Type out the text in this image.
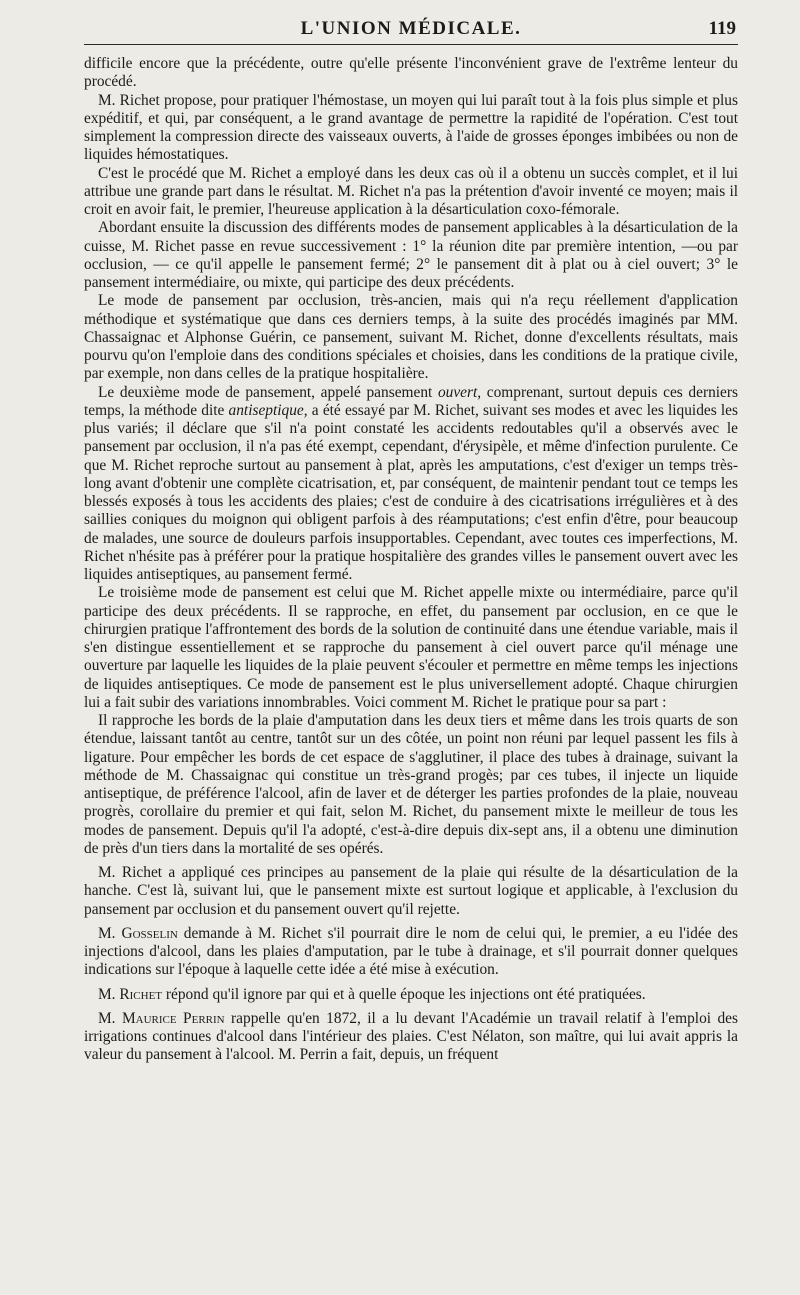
L'UNION MÉDICALE.	119

difficile encore que la précédente, outre qu'elle présente l'inconvénient grave de l'extrême lenteur du procédé.

M. Richet propose, pour pratiquer l'hémostase, un moyen qui lui paraît tout à la fois plus simple et plus expéditif, et qui, par conséquent, a le grand avantage de permettre la rapidité de l'opération. C'est tout simplement la compression directe des vaisseaux ouverts, à l'aide de grosses éponges imbibées ou non de liquides hémostatiques.

C'est le procédé que M. Richet a employé dans les deux cas où il a obtenu un succès complet, et il lui attribue une grande part dans le résultat. M. Richet n'a pas la prétention d'avoir inventé ce moyen; mais il croit en avoir fait, le premier, l'heureuse application à la désarticulation coxo-fémorale.

Abordant ensuite la discussion des différents modes de pansement applicables à la désarticulation de la cuisse, M. Richet passe en revue successivement : 1° la réunion dite par première intention, —ou par occlusion, — ce qu'il appelle le pansement fermé; 2° le pansement dit à plat ou à ciel ouvert; 3° le pansement intermédiaire, ou mixte, qui participe des deux précédents.

Le mode de pansement par occlusion, très-ancien, mais qui n'a reçu réellement d'application méthodique et systématique que dans ces derniers temps, à la suite des procédés imaginés par MM. Chassaignac et Alphonse Guérin, ce pansement, suivant M. Richet, donne d'excellents résultats, mais pourvu qu'on l'emploie dans des conditions spéciales et choisies, dans les conditions de la pratique civile, par exemple, non dans celles de la pratique hospitalière.

Le deuxième mode de pansement, appelé pansement ouvert, comprenant, surtout depuis ces derniers temps, la méthode dite antiseptique, a été essayé par M. Richet, suivant ses modes et avec les liquides les plus variés; il déclare que s'il n'a point constaté les accidents redoutables qu'il a observés avec le pansement par occlusion, il n'a pas été exempt, cependant, d'érysipèle, et même d'infection purulente. Ce que M. Richet reproche surtout au pansement à plat, après les amputations, c'est d'exiger un temps très-long avant d'obtenir une complète cicatrisation, et, par conséquent, de maintenir pendant tout ce temps les blessés exposés à tous les accidents des plaies; c'est de conduire à des cicatrisations irrégulières et à des saillies coniques du moignon qui obligent parfois à des réamputations; c'est enfin d'être, pour beaucoup de malades, une source de douleurs parfois insupportables. Cependant, avec toutes ces imperfections, M. Richet n'hésite pas à préférer pour la pratique hospitalière des grandes villes le pansement ouvert avec les liquides antiseptiques, au pansement fermé.

Le troisième mode de pansement est celui que M. Richet appelle mixte ou intermédiaire, parce qu'il participe des deux précédents. Il se rapproche, en effet, du pansement par occlusion, en ce que le chirurgien pratique l'affrontement des bords de la solution de continuité dans une étendue variable, mais il s'en distingue essentiellement et se rapproche du pansement à ciel ouvert parce qu'il ménage une ouverture par laquelle les liquides de la plaie peuvent s'écouler et permettre en même temps les injections de liquides antiseptiques. Ce mode de pansement est le plus universellement adopté. Chaque chirurgien lui a fait subir des variations innombrables. Voici comment M. Richet le pratique pour sa part :

Il rapproche les bords de la plaie d'amputation dans les deux tiers et même dans les trois quarts de son étendue, laissant tantôt au centre, tantôt sur un des côtée, un point non réuni par lequel passent les fils à ligature. Pour empêcher les bords de cet espace de s'agglutiner, il place des tubes à drainage, suivant la méthode de M. Chassaignac qui constitue un très-grand progès; par ces tubes, il injecte un liquide antiseptique, de préférence l'alcool, afin de laver et de déterger les parties profondes de la plaie, nouveau progrès, corollaire du premier et qui fait, selon M. Richet, du pansement mixte le meilleur de tous les modes de pansement. Depuis qu'il l'a adopté, c'est-à-dire depuis dix-sept ans, il a obtenu une diminution de près d'un tiers dans la mortalité de ses opérés.

M. Richet a appliqué ces principes au pansement de la plaie qui résulte de la désarticulation de la hanche. C'est là, suivant lui, que le pansement mixte est surtout logique et applicable, à l'exclusion du pansement par occlusion et du pansement ouvert qu'il rejette.

M. Gosselin demande à M. Richet s'il pourrait dire le nom de celui qui, le premier, a eu l'idée des injections d'alcool, dans les plaies d'amputation, par le tube à drainage, et s'il pourrait donner quelques indications sur l'époque à laquelle cette idée a été mise à exécution.

M. Richet répond qu'il ignore par qui et à quelle époque les injections ont été pratiquées.

M. Maurice Perrin rappelle qu'en 1872, il a lu devant l'Académie un travail relatif à l'emploi des irrigations continues d'alcool dans l'intérieur des plaies. C'est Nélaton, son maître, qui lui avait appris la valeur du pansement à l'alcool. M. Perrin a fait, depuis, un fréquent
